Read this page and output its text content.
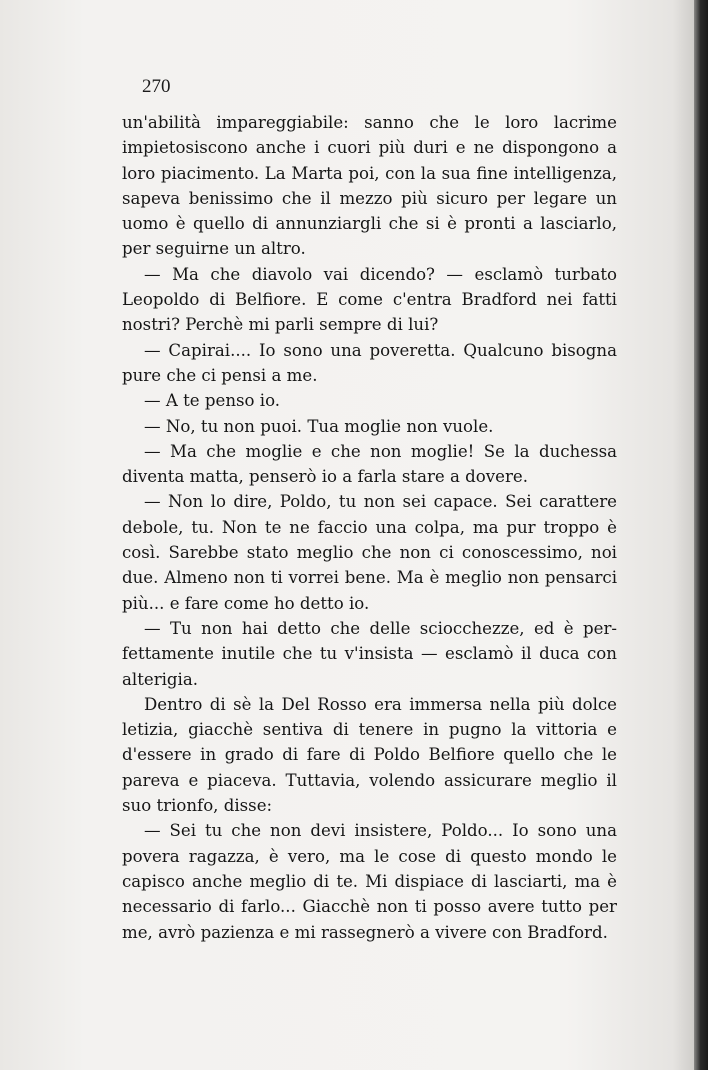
270

un'abilità impareggiabile: sanno che le loro lacrime impietosiscono anche i cuori più duri e ne dispongono a loro piacimento. La Marta poi, con la sua fine intelligenza, sapeva benissimo che il mezzo più sicuro per legare un uomo è quello di annunziargli che si è pronti a lasciarlo, per seguirne un altro.

— Ma che diavolo vai dicendo? — esclamò turbato Leopoldo di Belfiore. E come c'entra Bradford nei fatti nostri? Perchè mi parli sempre di lui?

— Capirai.... Io sono una poveretta. Qualcuno bisogna pure che ci pensi a me.

— A te penso io.

— No, tu non puoi. Tua moglie non vuole.

— Ma che moglie e che non moglie! Se la duchessa diventa matta, penserò io a farla stare a dovere.

— Non lo dire, Poldo, tu non sei capace. Sei carattere debole, tu. Non te ne faccio una colpa, ma pur troppo è così. Sarebbe stato meglio che non ci conoscessimo, noi due. Almeno non ti vorrei bene. Ma è meglio non pensarci più... e fare come ho detto io.

— Tu non hai detto che delle sciocchezze, ed è perfettamente inutile che tu v'insista — esclamò il duca con alterigia.

Dentro di sè la Del Rosso era immersa nella più dolce letizia, giacchè sentiva di tenere in pugno la vittoria e d'essere in grado di fare di Poldo Belfiore quello che le pareva e piaceva. Tuttavia, volendo assicurare meglio il suo trionfo, disse:

— Sei tu che non devi insistere, Poldo... Io sono una povera ragazza, è vero, ma le cose di questo mondo le capisco anche meglio di te. Mi dispiace di lasciarti, ma è necessario di farlo... Giacchè non ti posso avere tutto per me, avrò pazienza e mi rassegnerò a vivere con Bradford.
